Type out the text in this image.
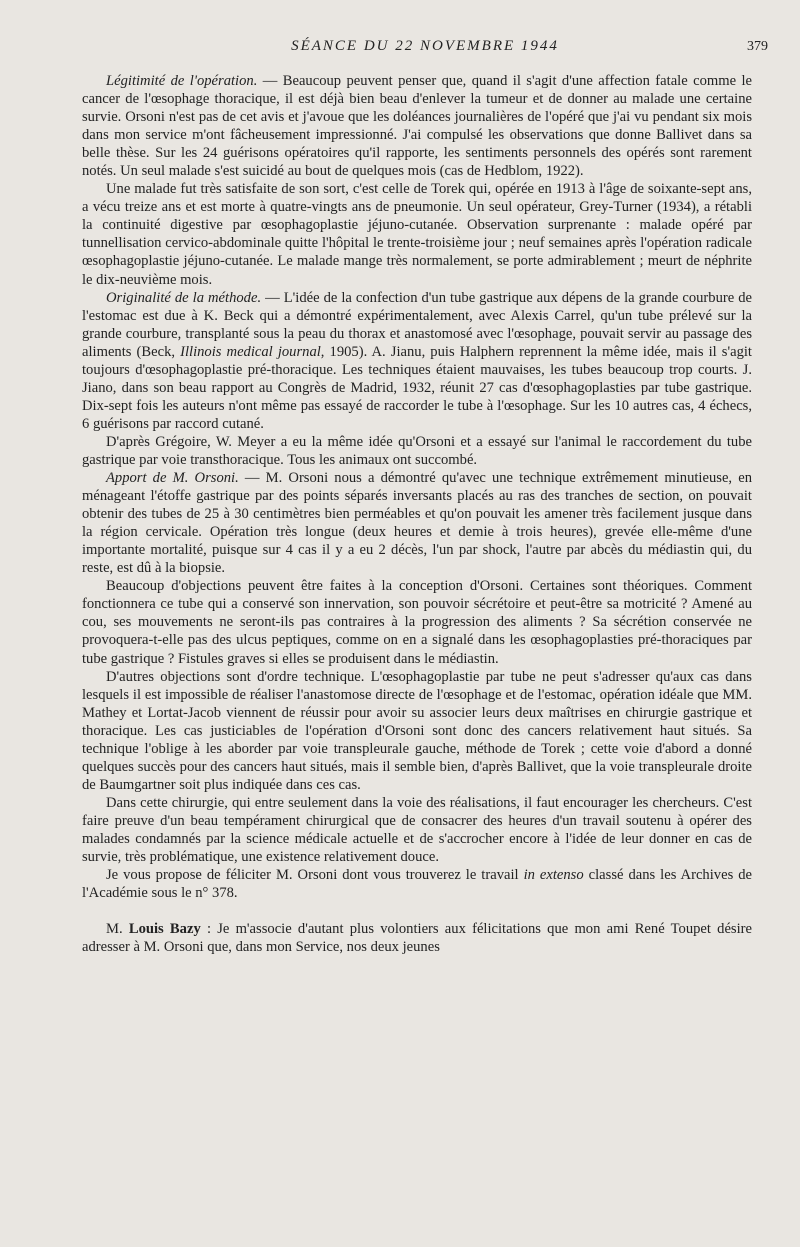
SÉANCE DU 22 NOVEMBRE 1944	379

Légitimité de l'opération. — Beaucoup peuvent penser que, quand il s'agit d'une affection fatale comme le cancer de l'œsophage thoracique, il est déjà bien beau d'enlever la tumeur et de donner au malade une certaine survie. Orsoni n'est pas de cet avis et j'avoue que les doléances journalières de l'opéré que j'ai vu pendant six mois dans mon service m'ont fâcheusement impressionné. J'ai compulsé les observations que donne Ballivet dans sa belle thèse. Sur les 24 guérisons opératoires qu'il rapporte, les sentiments personnels des opérés sont rarement notés. Un seul malade s'est suicidé au bout de quelques mois (cas de Hedblom, 1922).

Une malade fut très satisfaite de son sort, c'est celle de Torek qui, opérée en 1913 à l'âge de soixante-sept ans, a vécu treize ans et est morte à quatre-vingts ans de pneumonie. Un seul opérateur, Grey-Turner (1934), a rétabli la continuité digestive par œsophagoplastie jéjuno-cutanée. Observation surprenante : malade opéré par tunnellisation cervico-abdominale quitte l'hôpital le trente-troisième jour ; neuf semaines après l'opération radicale œsophagoplastie jéjuno-cutanée. Le malade mange très normalement, se porte admirablement ; meurt de néphrite le dix-neuvième mois.

Originalité de la méthode. — L'idée de la confection d'un tube gastrique aux dépens de la grande courbure de l'estomac est due à K. Beck qui a démontré expérimentalement, avec Alexis Carrel, qu'un tube prélevé sur la grande courbure, transplanté sous la peau du thorax et anastomosé avec l'œsophage, pouvait servir au passage des aliments (Beck, Illinois medical journal, 1905). A. Jianu, puis Halphern reprennent la même idée, mais il s'agit toujours d'œsophagoplastie pré-thoracique. Les techniques étaient mauvaises, les tubes beaucoup trop courts. J. Jiano, dans son beau rapport au Congrès de Madrid, 1932, réunit 27 cas d'œsophagoplasties par tube gastrique. Dix-sept fois les auteurs n'ont même pas essayé de raccorder le tube à l'œsophage. Sur les 10 autres cas, 4 échecs, 6 guérisons par raccord cutané.

D'après Grégoire, W. Meyer a eu la même idée qu'Orsoni et a essayé sur l'animal le raccordement du tube gastrique par voie transthoracique. Tous les animaux ont succombé.

Apport de M. Orsoni. — M. Orsoni nous a démontré qu'avec une technique extrêmement minutieuse, en ménageant l'étoffe gastrique par des points séparés inversants placés au ras des tranches de section, on pouvait obtenir des tubes de 25 à 30 centimètres bien perméables et qu'on pouvait les amener très facilement jusque dans la région cervicale. Opération très longue (deux heures et demie à trois heures), grevée elle-même d'une importante mortalité, puisque sur 4 cas il y a eu 2 décès, l'un par shock, l'autre par abcès du médiastin qui, du reste, est dû à la biopsie.

Beaucoup d'objections peuvent être faites à la conception d'Orsoni. Certaines sont théoriques. Comment fonctionnera ce tube qui a conservé son innervation, son pouvoir sécrétoire et peut-être sa motricité ? Amené au cou, ses mouvements ne seront-ils pas contraires à la progression des aliments ? Sa sécrétion conservée ne provoquera-t-elle pas des ulcus peptiques, comme on en a signalé dans les œsophagoplasties pré-thoraciques par tube gastrique ? Fistules graves si elles se produisent dans le médiastin.

D'autres objections sont d'ordre technique. L'œsophagoplastie par tube ne peut s'adresser qu'aux cas dans lesquels il est impossible de réaliser l'anastomose directe de l'œsophage et de l'estomac, opération idéale que MM. Mathey et Lortat-Jacob viennent de réussir pour avoir su associer leurs deux maîtrises en chirurgie gastrique et thoracique. Les cas justiciables de l'opération d'Orsoni sont donc des cancers relativement haut situés. Sa technique l'oblige à les aborder par voie transpleurale gauche, méthode de Torek ; cette voie d'abord a donné quelques succès pour des cancers haut situés, mais il semble bien, d'après Ballivet, que la voie transpleurale droite de Baumgartner soit plus indiquée dans ces cas.

Dans cette chirurgie, qui entre seulement dans la voie des réalisations, il faut encourager les chercheurs. C'est faire preuve d'un beau tempérament chirurgical que de consacrer des heures d'un travail soutenu à opérer des malades condamnés par la science médicale actuelle et de s'accrocher encore à l'idée de leur donner en cas de survie, très problématique, une existence relativement douce.

Je vous propose de féliciter M. Orsoni dont vous trouverez le travail in extenso classé dans les Archives de l'Académie sous le n° 378.

M. Louis Bazy : Je m'associe d'autant plus volontiers aux félicitations que mon ami René Toupet désire adresser à M. Orsoni que, dans mon Service, nos deux jeunes
